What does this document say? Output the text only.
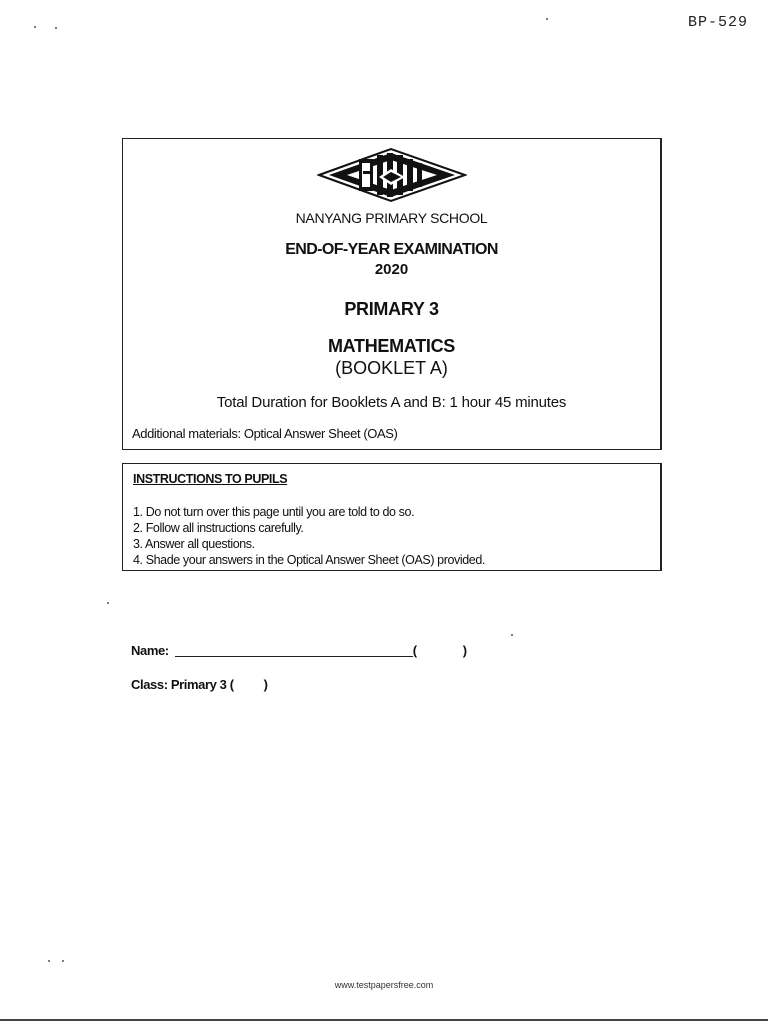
BP-529
NANYANG PRIMARY SCHOOL
END-OF-YEAR EXAMINATION
2020
PRIMARY 3
MATHEMATICS
(BOOKLET A)
Total Duration for Booklets A and B: 1 hour 45 minutes
Additional materials: Optical Answer Sheet (OAS)
INSTRUCTIONS TO PUPILS
1. Do not turn over this page until you are told to do so.
2. Follow all instructions carefully.
3. Answer all questions.
4. Shade your answers in the Optical Answer Sheet (OAS) provided.
Name:	(	)
Class: Primary 3 ( )
www.testpapersfree.com
